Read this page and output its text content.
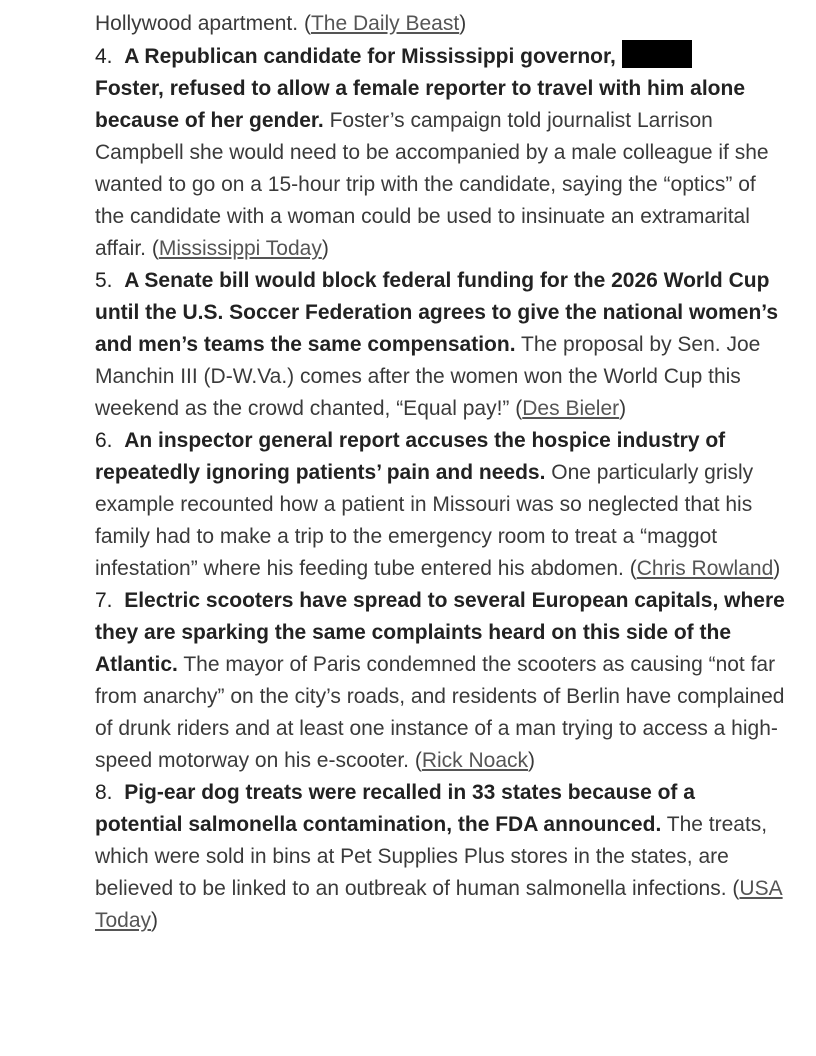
Hollywood apartment. (The Daily Beast)

4. A Republican candidate for Mississippi governor,
Foster, refused to allow a female reporter to travel with him alone because of her gender. Foster’s campaign told journalist Larrison Campbell she would need to be accompanied by a male colleague if she wanted to go on a 15-hour trip with the candidate, saying the “optics” of the candidate with a woman could be used to insinuate an extramarital affair. (Mississippi Today)

5. A Senate bill would block federal funding for the 2026 World Cup until the U.S. Soccer Federation agrees to give the national women’s and men’s teams the same compensation. The proposal by Sen. Joe Manchin III (D-W.Va.) comes after the women won the World Cup this weekend as the crowd chanted, “Equal pay!” (Des Bieler)

6. An inspector general report accuses the hospice industry of repeatedly ignoring patients’ pain and needs. One particularly grisly example recounted how a patient in Missouri was so neglected that his family had to make a trip to the emergency room to treat a “maggot infestation” where his feeding tube entered his abdomen. (Chris Rowland)

7. Electric scooters have spread to several European capitals, where they are sparking the same complaints heard on this side of the Atlantic. The mayor of Paris condemned the scooters as causing “not far from anarchy” on the city’s roads, and residents of Berlin have complained of drunk riders and at least one instance of a man trying to access a high-speed motorway on his e-scooter. (Rick Noack)

8. Pig-ear dog treats were recalled in 33 states because of a potential salmonella contamination, the FDA announced. The treats, which were sold in bins at Pet Supplies Plus stores in the states, are believed to be linked to an outbreak of human salmonella infections. (USA Today)
